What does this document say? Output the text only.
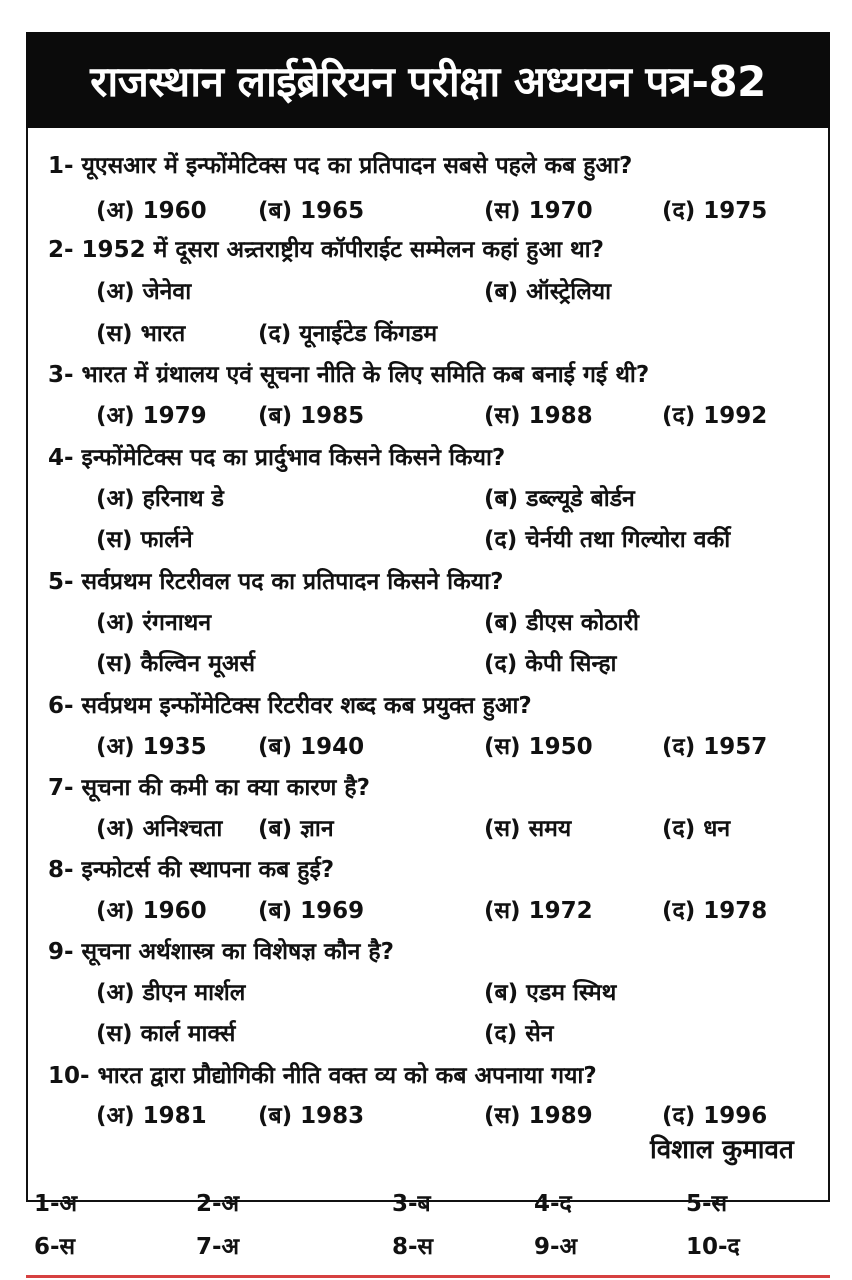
राजस्थान लाईब्रेरियन परीक्षा अध्ययन पत्र-82
1- यूएसआर में इन्फोंमेटिक्स पद का प्रतिपादन सबसे पहले कब हुआ?
(अ) 1960 (ब) 1965	(स) 1970	(द) 1975
2- 1952 में दूसरा अन्र्तराष्ट्रीय कॉपीराईट सम्मेलन कहां हुआ था?
(अ) जेनेवा	(ब) ऑस्ट्रेलिया
(स) भारत	(द) यूनाईटेड किंगडम
3- भारत में ग्रंथालय एवं सूचना नीति के लिए समिति कब बनाई गई थी?
(अ) 1979 (ब) 1985	(स) 1988	(द) 1992
4- इन्फोंमेटिक्स पद का प्रार्दुभाव किसने किसने किया?
(अ) हरिनाथ डे	(ब) डब्ल्यूडे बोर्डन
(स) फार्लने	(द) चेर्नयी तथा गिल्योरा वर्की
5- सर्वप्रथम रिटरीवल पद का प्रतिपादन किसने किया?
(अ) रंगनाथन	(ब) डीएस कोठारी
(स) कैल्विन मूअर्स	(द) केपी सिन्हा
6- सर्वप्रथम इन्फोंमेटिक्स रिटरीवर शब्द कब प्रयुक्त हुआ?
(अ) 1935 (ब) 1940	(स) 1950	(द) 1957
7- सूचना की कमी का क्या कारण है?
(अ) अनिश्चता (ब) ज्ञान	(स) समय	(द) धन
8- इन्फोटर्स की स्थापना कब हुई?
(अ) 1960 (ब) 1969	(स) 1972	(द) 1978
9- सूचना अर्थशास्त्र का विशेषज्ञ कौन है?
(अ) डीएन मार्शल	(ब) एडम स्मिथ
(स) कार्ल मार्क्स	(द) सेन
10- भारत द्वारा प्रौद्योगिकी नीति वक्त व्य को कब अपनाया गया?
(अ) 1981 (ब) 1983	(स) 1989	(द) 1996
विशाल कुमावत
1-अ	2-अ	3-ब	4-द	5-स
6-स	7-अ	8-स	9-अ	10-द
